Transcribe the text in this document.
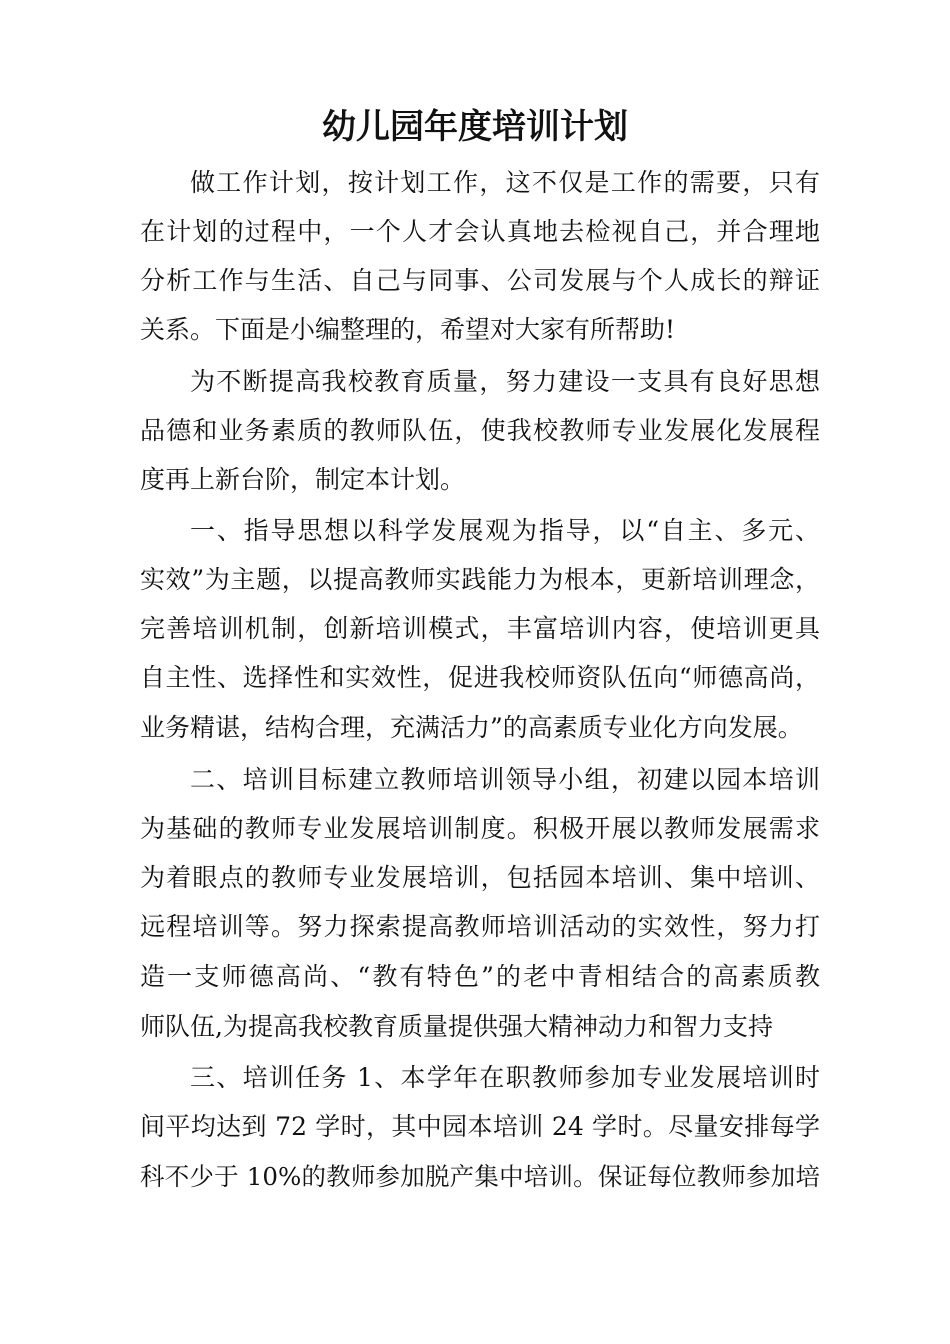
幼儿园年度培训计划
做工作计划，按计划工作，这不仅是工作的需要，只有
在计划的过程中，一个人才会认真地去检视自己，并合理地
分析工作与生活、自己与同事、公司发展与个人成长的辩证
关系。下面是小编整理的，希望对大家有所帮助!
为不断提高我校教育质量，努力建设一支具有良好思想
品德和业务素质的教师队伍，使我校教师专业发展化发展程
度再上新台阶，制定本计划。
一、指导思想以科学发展观为指导，以“自主、多元、
实效”为主题，以提高教师实践能力为根本，更新培训理念，
完善培训机制，创新培训模式，丰富培训内容，使培训更具
自主性、选择性和实效性，促进我校师资队伍向“师德高尚，
业务精谌，结构合理，充满活力”的高素质专业化方向发展。
二、培训目标建立教师培训领导小组，初建以园本培训
为基础的教师专业发展培训制度。积极开展以教师发展需求
为着眼点的教师专业发展培训，包括园本培训、集中培训、
远程培训等。努力探索提高教师培训活动的实效性，努力打
造一支师德高尚、“教有特色”的老中青相结合的高素质教
师队伍,为提高我校教育质量提供强大精神动力和智力支持
三、培训任务 1、本学年在职教师参加专业发展培训时
间平均达到 72 学时，其中园本培训 24 学时。尽量安排每学
科不少于 10%的教师参加脱产集中培训。保证每位教师参加培
